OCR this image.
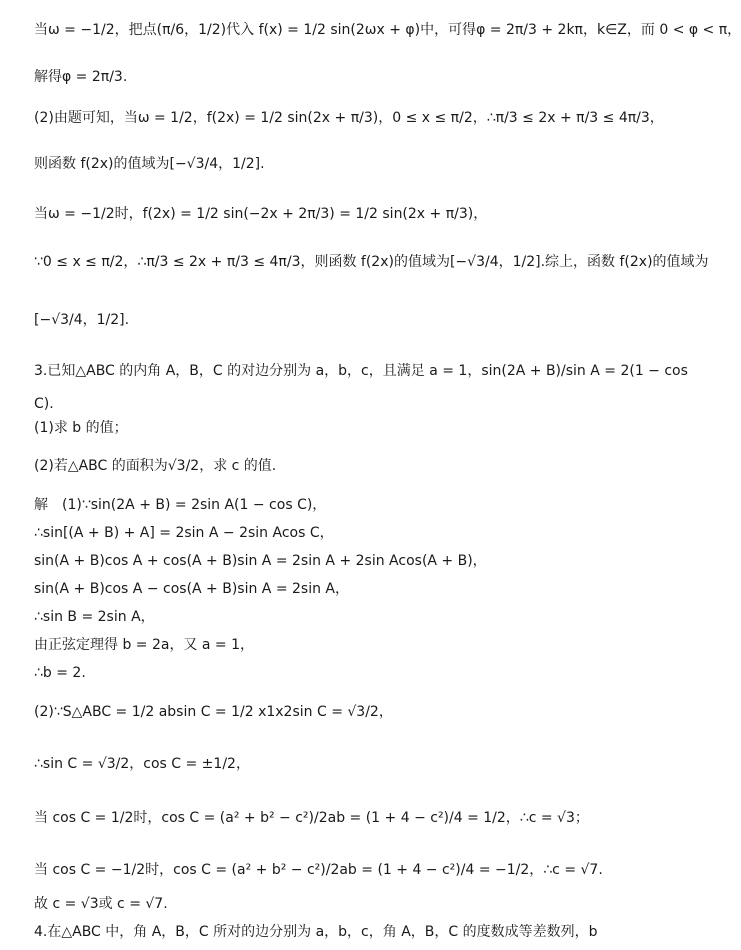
当ω = −1/2，把点(π/6，1/2)代入 f(x) = 1/2 sin(2ωx + φ)中，可得φ = 2π/3 + 2kπ，k∈Z，而 0 < φ < π，
解得φ = 2π/3.
(2)由题可知，当ω = 1/2，f(2x) = 1/2 sin(2x + π/3)，0 ≤ x ≤ π/2，∴π/3 ≤ 2x + π/3 ≤ 4π/3，
则函数 f(2x)的值域为[−√3/4，1/2].
当ω = −1/2时，f(2x) = 1/2 sin(−2x + 2π/3) = 1/2 sin(2x + π/3)，
∵0 ≤ x ≤ π/2，∴π/3 ≤ 2x + π/3 ≤ 4π/3，则函数 f(2x)的值域为[−√3/4，1/2].综上，函数 f(2x)的值域为
[−√3/4，1/2].
3.已知△ABC 的内角 A，B，C 的对边分别为 a，b，c，且满足 a = 1，sin(2A + B)/sin A = 2(1 − cos
C).
(1)求 b 的值；
(2)若△ABC 的面积为√3/2，求 c 的值.
解　(1)∵sin(2A + B) = 2sin A(1 − cos C)，
∴sin[(A + B) + A] = 2sin A − 2sin Acos C，
sin(A + B)cos A + cos(A + B)sin A = 2sin A + 2sin Acos(A + B)，
sin(A + B)cos A − cos(A + B)sin A = 2sin A，
∴sin B = 2sin A，
由正弦定理得 b = 2a，又 a = 1，
∴b = 2.
(2)∵S△ABC = 1/2 absin C = 1/2 x1x2sin C = √3/2，
∴sin C = √3/2，cos C = ±1/2，
当 cos C = 1/2时，cos C = (a² + b² − c²)/2ab = (1 + 4 − c²)/4 = 1/2，∴c = √3；
当 cos C = −1/2时，cos C = (a² + b² − c²)/2ab = (1 + 4 − c²)/4 = −1/2，∴c = √7.
故 c = √3或 c = √7.
4.在△ABC 中，角 A，B，C 所对的边分别为 a，b，c，角 A，B，C 的度数成等差数列，b
